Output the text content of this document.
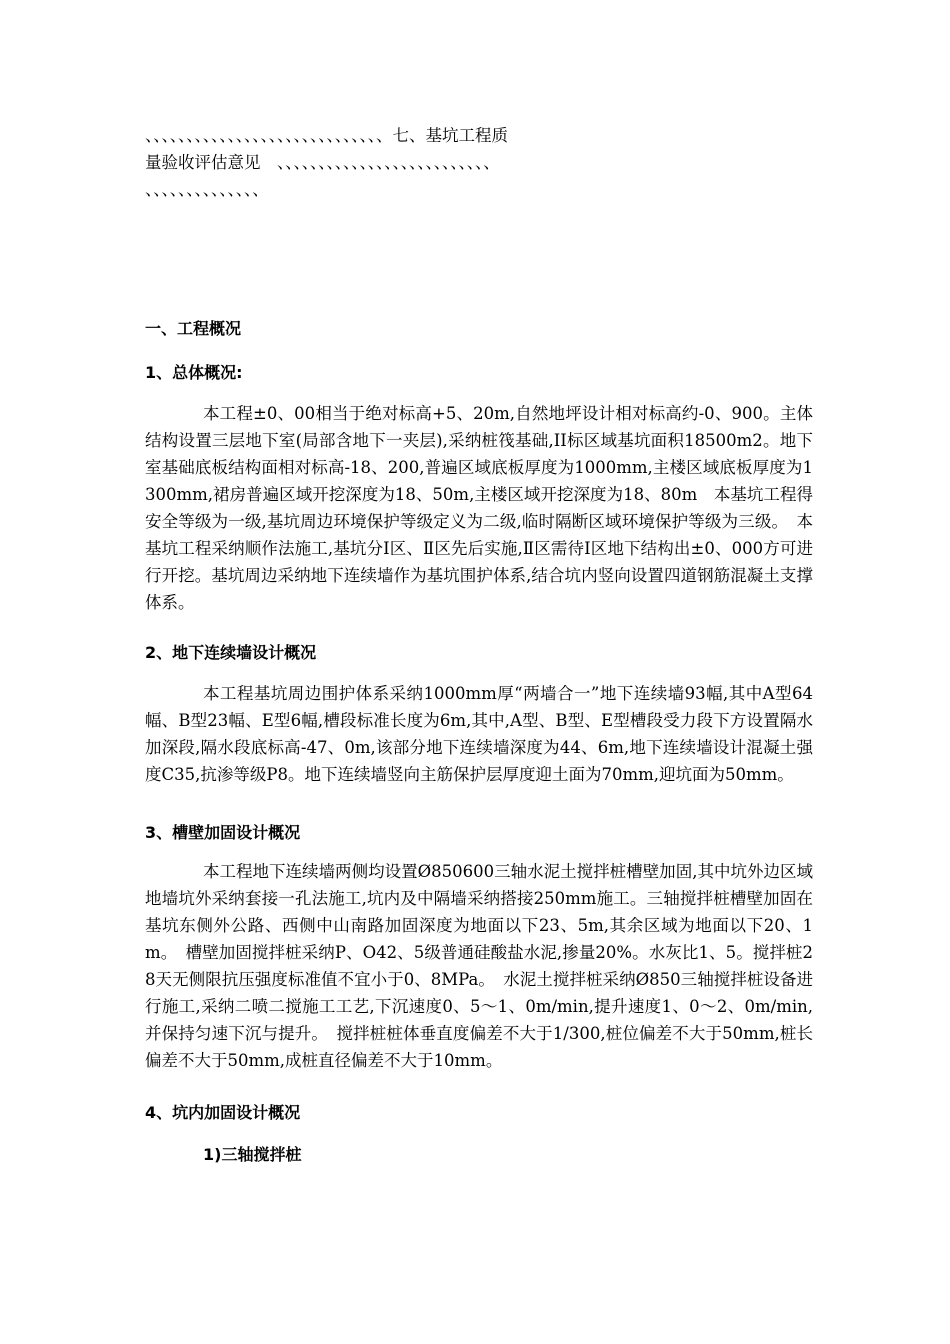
、、、、、、、、、、、、、、、、、、、、、、、、、、、、、七、基坑工程质

量验收评估意见　、、、、、、、、、、、、、、、、、、、、、、、、、、

、、、、、、、、、、、、、、

一、工程概况
1、总体概况:

本工程±0、00相当于绝对标高+5、20m,自然地坪设计相对标高约-0、900。主体结构设置三层地下室(局部含地下一夹层),采纳桩筏基础,II标区域基坑面积18500m2。地下室基础底板结构面相对标高-18、200,普遍区域底板厚度为1000mm,主楼区域底板厚度为1300mm,裙房普遍区域开挖深度为18、50m,主楼区域开挖深度为18、80m　本基坑工程得安全等级为一级,基坑周边环境保护等级定义为二级,临时隔断区域环境保护等级为三级。　本基坑工程采纳顺作法施工,基坑分Ⅰ区、Ⅱ区先后实施,Ⅱ区需待Ⅰ区地下结构出±0、000方可进行开挖。基坑周边采纳地下连续墙作为基坑围护体系,结合坑内竖向设置四道钢筋混凝土支撑体系。

2、地下连续墙设计概况

本工程基坑周边围护体系采纳1000mm厚“两墙合一”地下连续墙93幅,其中A型64幅、B型23幅、E型6幅,槽段标准长度为6m,其中,A型、B型、E型槽段受力段下方设置隔水加深段,隔水段底标高-47、0m,该部分地下连续墙深度为44、6m,地下连续墙设计混凝土强度C35,抗渗等级P8。地下连续墙竖向主筋保护层厚度迎土面为70mm,迎坑面为50mm。

3、槽壁加固设计概况

本工程地下连续墙两侧均设置Ø850600三轴水泥土搅拌桩槽壁加固,其中坑外边区域地墙坑外采纳套接一孔法施工,坑内及中隔墙采纳搭接250mm施工。三轴搅拌桩槽壁加固在基坑东侧外公路、西侧中山南路加固深度为地面以下23、5m,其余区域为地面以下20、1m。　槽壁加固搅拌桩采纳P、O42、5级普通硅酸盐水泥,掺量20%。水灰比1、5。搅拌桩28天无侧限抗压强度标准值不宜小于0、8MPa。　水泥土搅拌桩采纳Ø850三轴搅拌桩设备进行施工,采纳二喷二搅施工工艺,下沉速度0、5～1、0m/min,提升速度1、0～2、0m/min,并保持匀速下沉与提升。　搅拌桩桩体垂直度偏差不大于1/300,桩位偏差不大于50mm,桩长偏差不大于50mm,成桩直径偏差不大于10mm。

4、坑内加固设计概况
1)三轴搅拌桩
